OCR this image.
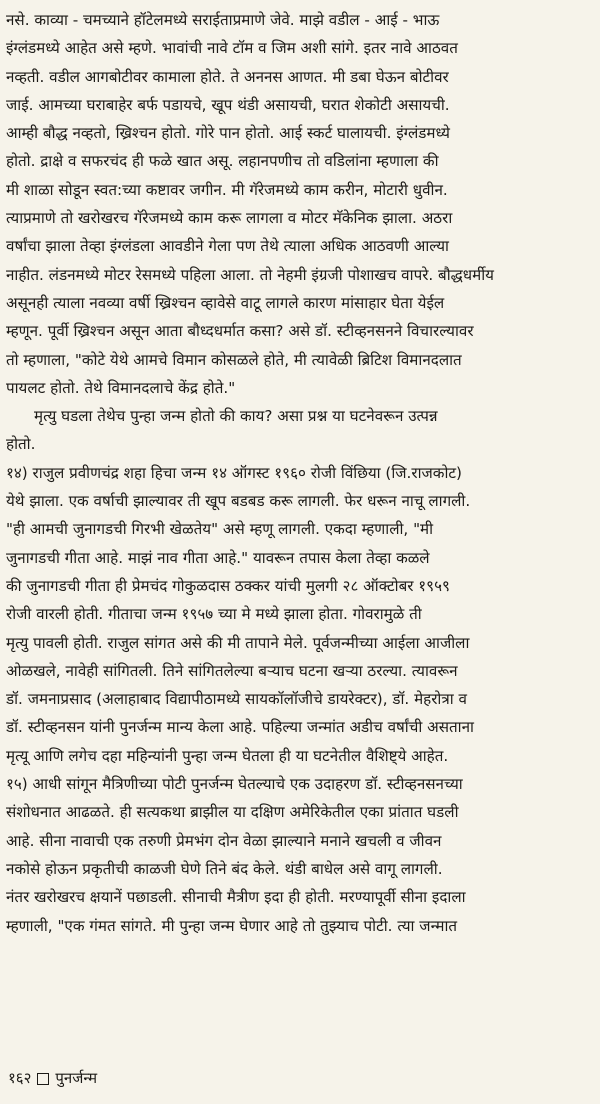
नसे. काव्या - चमच्याने हॉटेलमध्ये सराईताप्रमाणे जेवे. माझे वडील - आई - भाऊ
इंग्लंडमध्ये आहेत असे म्हणे. भावांची नावे टॉम व जिम अशी सांगे. इतर नावे आठवत
नव्हती. वडील आगबोटीवर कामाला होते. ते अननस आणत. मी डबा घेऊन बोटीवर
जाई. आमच्या घराबाहेर बर्फ पडायचे, खूप थंडी असायची, घरात शेकोटी असायची.
आम्ही बौद्ध नव्हतो, ख्रिश्चन होतो. गोरे पान होतो. आई स्कर्ट घालायची. इंग्लंडमध्ये
होतो. द्राक्षे व सफरचंद ही फळे खात असू. लहानपणीच तो वडिलांना म्हणाला की
मी शाळा सोडून स्वत:च्या कष्टावर जगीन. मी गॅरेजमध्ये काम करीन, मोटारी धुवीन.
त्याप्रमाणे तो खरोखरच गॅरेजमध्ये काम करू लागला व मोटर मॅकेनिक झाला. अठरा
वर्षांचा झाला तेव्हा इंग्लंडला आवडीने गेला पण तेथे त्याला अधिक आठवणी आल्या
नाहीत. लंडनमध्ये मोटर रेसमध्ये पहिला आला. तो नेहमी इंग्रजी पोशाखच वापरे. बौद्धधर्मीय
असूनही त्याला नवव्या वर्षी ख्रिश्चन व्हावेसे वाटू लागले कारण मांसाहार घेता येईल
म्हणून. पूर्वी ख्रिश्चन असून आता बौध्दधर्मात कसा? असे डॉ. स्टीव्हनसनने विचारल्यावर
तो म्हणाला, "कोटे येथे आमचे विमान कोसळले होते, मी त्यावेळी ब्रिटिश विमानदलात
पायलट होतो. तेथे विमानदलाचे केंद्र होते."
मृत्यु घडला तेथेच पुन्हा जन्म होतो की काय? असा प्रश्न या घटनेवरून उत्पन्न
होतो.
१४) राजुल प्रवीणचंद्र शहा हिचा जन्म १४ ऑगस्ट १९६० रोजी विंछिया (जि.राजकोट)
येथे झाला. एक वर्षाची झाल्यावर ती खूप बडबड करू लागली. फेर धरून नाचू लागली.
"ही आमची जुनागडची गिरभी खेळतेय" असे म्हणू लागली. एकदा म्हणाली, "मी
जुनागडची गीता आहे. माझं नाव गीता आहे." यावरून तपास केला तेव्हा कळले
की जुनागडची गीता ही प्रेमचंद गोकुळदास ठक्कर यांची मुलगी २८ ऑक्टोबर १९५९
रोजी वारली होती. गीताचा जन्म १९५७ च्या मे मध्ये झाला होता. गोवरामुळे ती
मृत्यु पावली होती. राजुल सांगत असे की मी तापाने मेले. पूर्वजन्मीच्या आईला आजीला
ओळखले, नावेही सांगितली. तिने सांगितलेल्या बऱ्याच घटना खऱ्या ठरल्या. त्यावरून
डॉ. जमनाप्रसाद (अलाहाबाद विद्यापीठामध्ये सायकॉलॉजीचे डायरेक्टर), डॉ. मेहरोत्रा व
डॉ. स्टीव्हनसन यांनी पुनर्जन्म मान्य केला आहे. पहिल्या जन्मांत अडीच वर्षांची असताना
मृत्यू आणि लगेच दहा महिन्यांनी पुन्हा जन्म घेतला ही या घटनेतील वैशिष्ट्ये आहेत.
१५) आधी सांगून मैत्रिणीच्या पोटी पुनर्जन्म घेतल्याचे एक उदाहरण डॉ. स्टीव्हनसनच्या
संशोधनात आढळते. ही सत्यकथा ब्राझील या दक्षिण अमेरिकेतील एका प्रांतात घडली
आहे. सीना नावाची एक तरुणी प्रेमभंग दोन वेळा झाल्याने मनाने खचली व जीवन
नकोसे होऊन प्रकृतीची काळजी घेणे तिने बंद केले. थंडी बाधेल असे वागू लागली.
नंतर खरोखरच क्षयानें पछाडली. सीनाची मैत्रीण इदा ही होती. मरण्यापूर्वी सीना इदाला
म्हणाली, "एक गंमत सांगते. मी पुन्हा जन्म घेणार आहे तो तुझ्याच पोटी. त्या जन्मात
१६२ पुनर्जन्म
